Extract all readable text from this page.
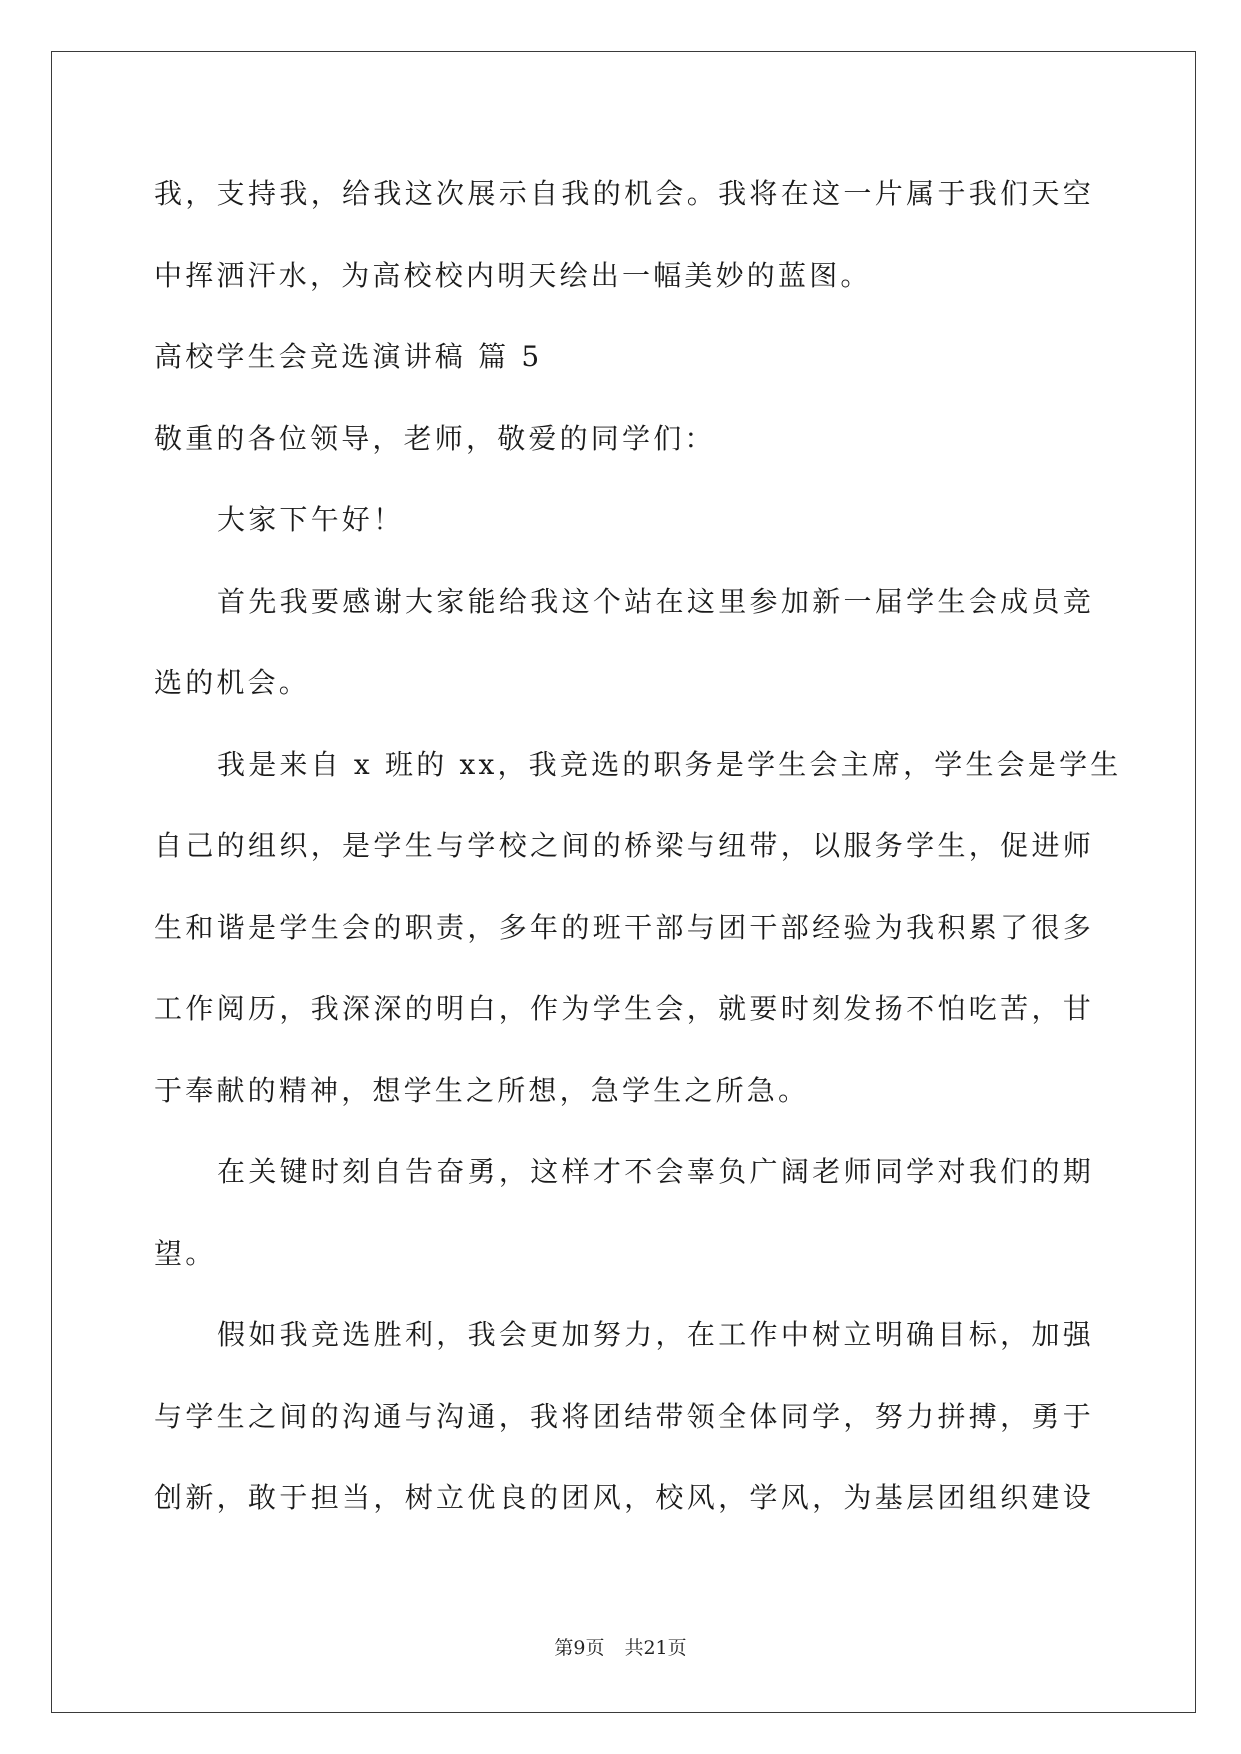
我，支持我，给我这次展示自我的机会。我将在这一片属于我们天空
中挥洒汗水，为高校校内明天绘出一幅美妙的蓝图。
高校学生会竞选演讲稿 篇 5
敬重的各位领导，老师，敬爱的同学们：
大家下午好！
首先我要感谢大家能给我这个站在这里参加新一届学生会成员竞
选的机会。
我是来自 x 班的 xx，我竞选的职务是学生会主席，学生会是学生
自己的组织，是学生与学校之间的桥梁与纽带，以服务学生，促进师
生和谐是学生会的职责，多年的班干部与团干部经验为我积累了很多
工作阅历，我深深的明白，作为学生会，就要时刻发扬不怕吃苦，甘
于奉献的精神，想学生之所想，急学生之所急。
在关键时刻自告奋勇，这样才不会辜负广阔老师同学对我们的期
望。
假如我竞选胜利，我会更加努力，在工作中树立明确目标，加强
与学生之间的沟通与沟通，我将团结带领全体同学，努力拼搏，勇于
创新，敢于担当，树立优良的团风，校风，学风，为基层团组织建设
第9页 共21页
